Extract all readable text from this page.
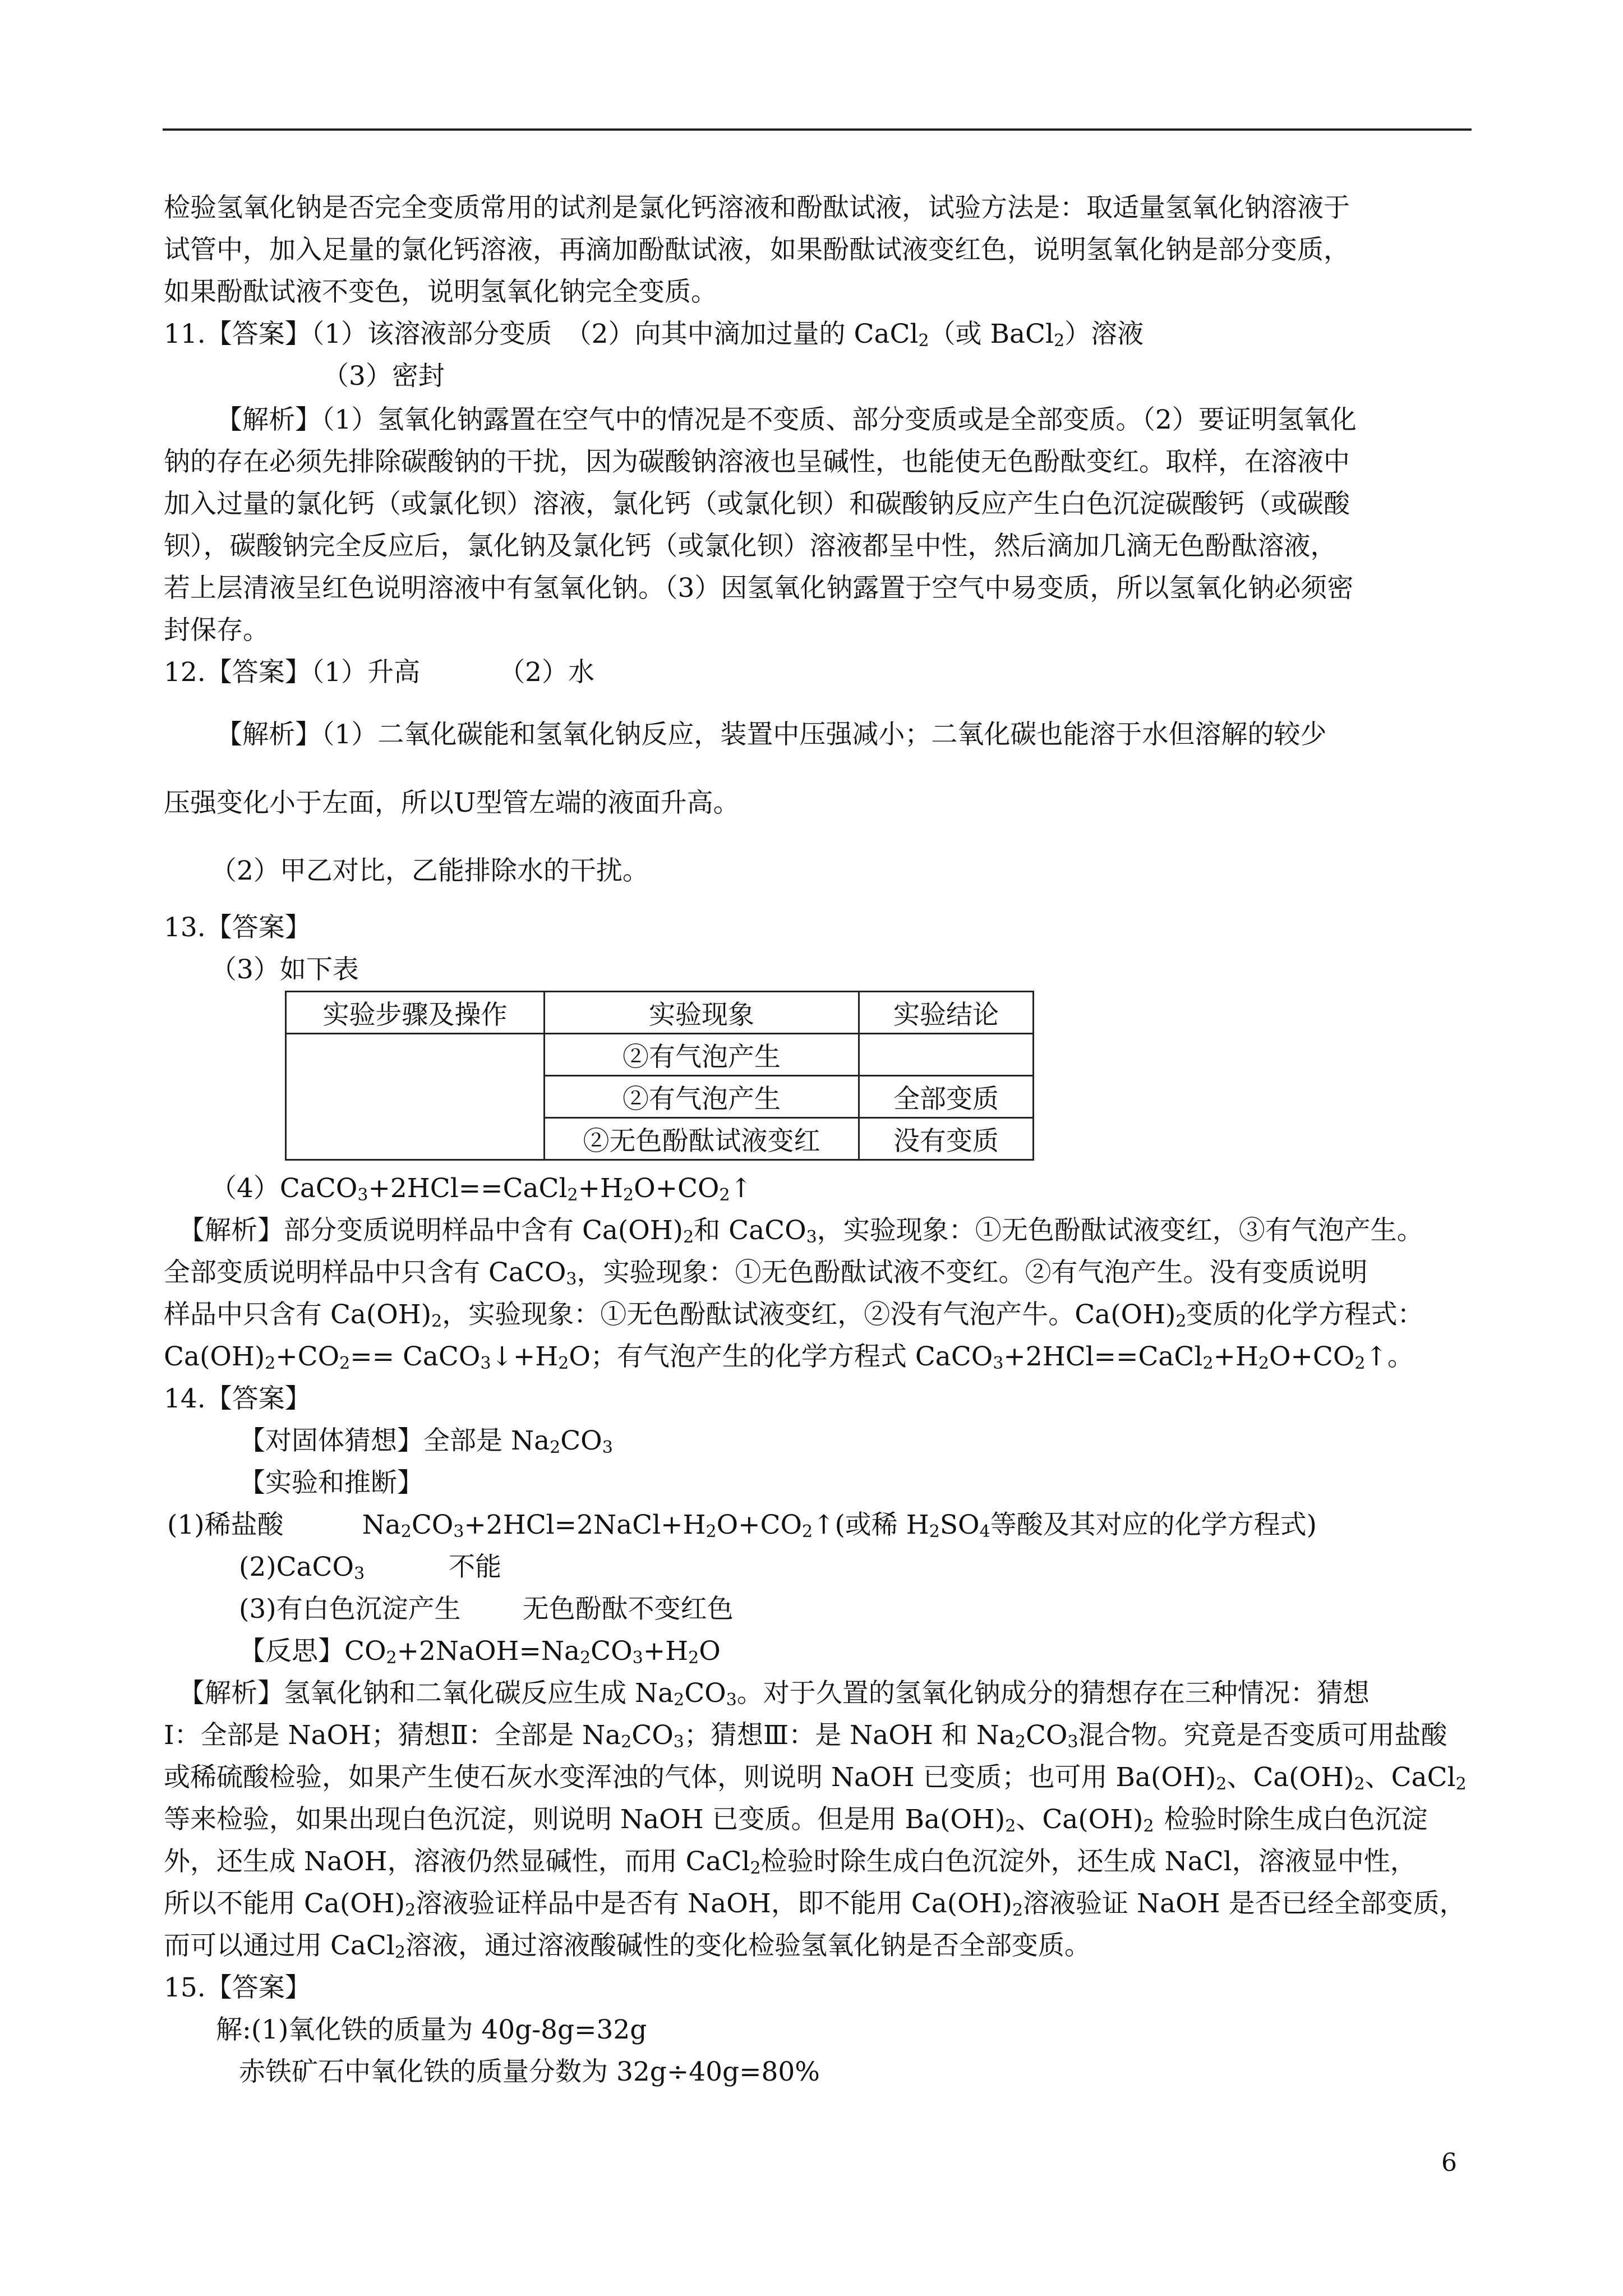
检验氢氧化钠是否完全变质常用的试剂是氯化钙溶液和酚酞试液，试验方法是：取适量氢氧化钠溶液于
试管中，加入足量的氯化钙溶液，再滴加酚酞试液，如果酚酞试液变红色，说明氢氧化钠是部分变质，
如果酚酞试液不变色，说明氢氧化钠完全变质。
11.【答案】（1）该溶液部分变质　（2）向其中滴加过量的 CaCl$_2$（或 BaCl$_2$）溶液
（3）密封
【解析】（1）氢氧化钠露置在空气中的情况是不变质、部分变质或是全部变质。（2）要证明氢氧化
钠的存在必须先排除碳酸钠的干扰，因为碳酸钠溶液也呈碱性，也能使无色酚酞变红。取样，在溶液中
加入过量的氯化钙（或氯化钡）溶液，氯化钙（或氯化钡）和碳酸钠反应产生白色沉淀碳酸钙（或碳酸
钡），碳酸钠完全反应后，氯化钠及氯化钙（或氯化钡）溶液都呈中性，然后滴加几滴无色酚酞溶液，
若上层清液呈红色说明溶液中有氢氧化钠。（3）因氢氧化钠露置于空气中易变质，所以氢氧化钠必须密
封保存。
12.【答案】（1）升高	（2）水
【解析】（1）二氧化碳能和氢氧化钠反应，装置中压强减小；二氧化碳也能溶于水但溶解的较少
压强变化小于左面，所以U型管左端的液面升高。
（2）甲乙对比，乙能排除水的干扰。
13.【答案】
（3）如下表
实验步骤及操作	实验现象	实验结论
	②有气泡产生	
	②有气泡产生	全部变质
	②无色酚酞试液变红	没有变质
$(4)CaCO_3+2HCl==CaCl_2+H_2O+CO_2↑$
【解析】部分变质说明样品中含有 $Ca(OH)_2$和 CaCO$_3$，实验现象：①无色酚酞试液变红，③有气泡产生。
全部变质说明样品中只含有 CaCO$_3$，实验现象：①无色酚酞试液不变红。②有气泡产生。没有变质说明
样品中只含有 $Ca(OH)_2$，实验现象：①无色酚酞试液变红，②没有气泡产牛。$Ca(OH)_2$变质的化学方程式：
$Ca(OH)_2+CO_2==$ $CaCO_3↓+H_2O$；有气泡产生的化学方程式 $CaCO_3+2HCl==CaCl_2+H_2O+CO_2↑$。
14.【答案】
【对固体猜想】全部是 $Na_2CO_3$
【实验和推断】
(1)稀盐酸	$Na_2CO_3+2HCl=2NaCl+H_2O+CO_2↑$(或稀 $H_2SO_4$等酸及其对应的化学方程式)
(2)CaCO$_3$	不能
(3)有白色沉淀产生 无色酚酞不变红色
【反思】$CO_2+2NaOH=Na_2CO_3+H_2O$
【解析】氢氧化钠和二氧化碳反应生成 $Na_2CO_3$。对于久置的氢氧化钠成分的猜想存在三种情况：猜想
Ⅰ：全部是 NaOH；猜想Ⅱ：全部是 $Na_2CO_3$；猜想Ⅲ：是 NaOH 和 $Na_2CO_3$混合物。究竟是否变质可用盐酸
或稀硫酸检验，如果产生使石灰水变浑浊的气体，则说明 NaOH 已变质；也可用 $Ba(OH)_2$、$Ca(OH)_2$、CaCl$_2$
等来检验，如果出现白色沉淀，则说明 NaOH 已变质。但是用 $Ba(OH)_2$、$Ca(OH)_2$ 检验时除生成白色沉淀
外，还生成 NaOH，溶液仍然显碱性，而用 CaCl$_2$检验时除生成白色沉淀外，还生成 NaCl，溶液显中性，
所以不能用 $Ca(OH)_2$溶液验证样品中是否有 NaOH，即不能用 $Ca(OH)_2$溶液验证 NaOH 是否已经全部变质，
而可以通过用 CaCl$_2$溶液，通过溶液酸碱性的变化检验氢氧化钠是否全部变质。
15.【答案】
解:(1)氧化铁的质量为 40g-8g=32g
赤铁矿石中氧化铁的质量分数为 32g÷40g=80%
6
